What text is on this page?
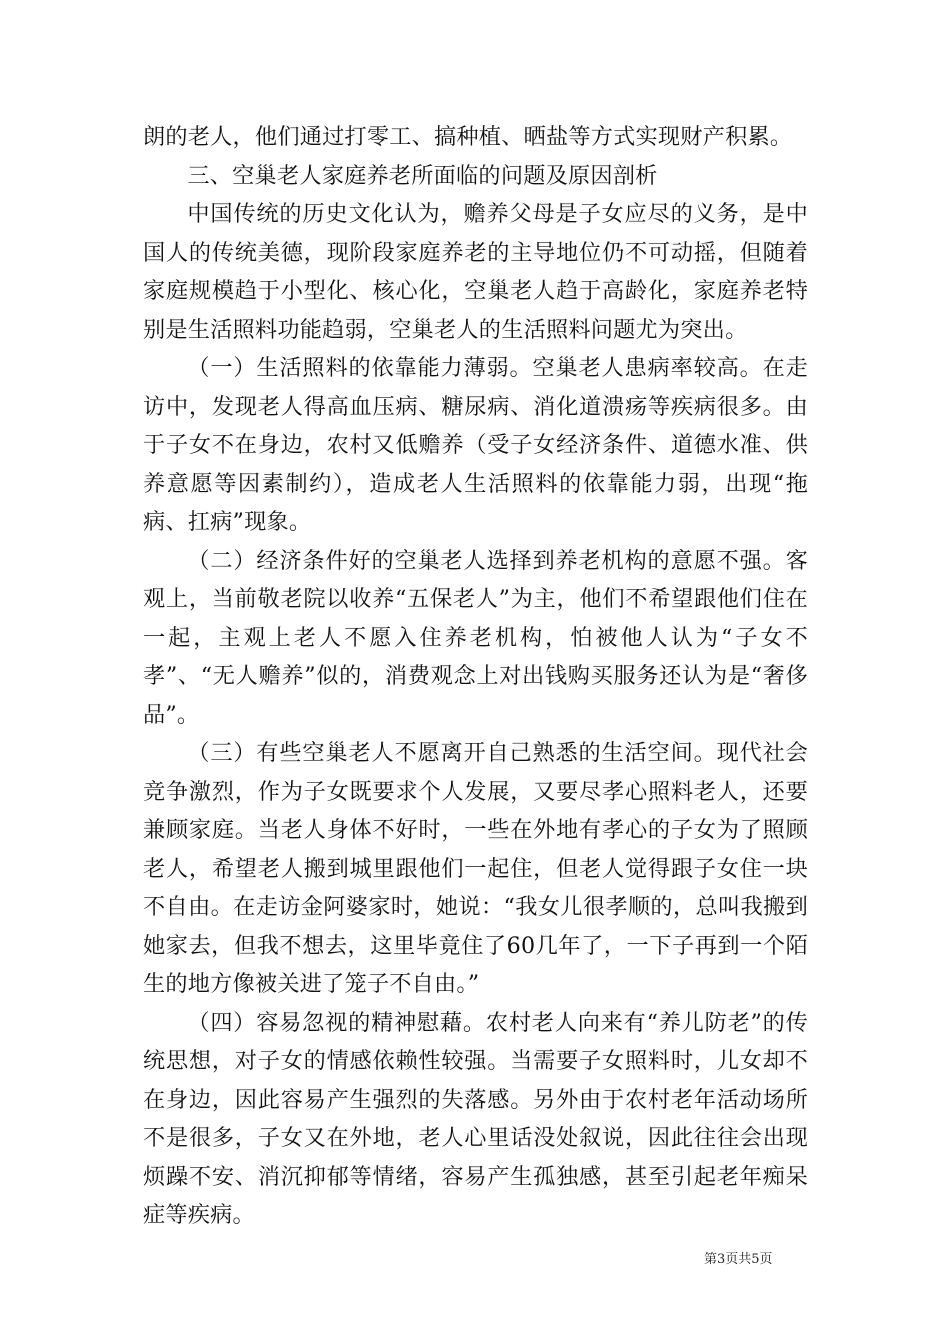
朗的老人，他们通过打零工、搞种植、晒盐等方式实现财产积累。

三、空巢老人家庭养老所面临的问题及原因剖析

中国传统的历史文化认为，赡养父母是子女应尽的义务，是中国人的传统美德，现阶段家庭养老的主导地位仍不可动摇，但随着家庭规模趋于小型化、核心化，空巢老人趋于高龄化，家庭养老特别是生活照料功能趋弱，空巢老人的生活照料问题尤为突出。

（一）生活照料的依靠能力薄弱。空巢老人患病率较高。在走访中，发现老人得高血压病、糖尿病、消化道溃疡等疾病很多。由于子女不在身边，农村又低赡养（受子女经济条件、道德水准、供养意愿等因素制约），造成老人生活照料的依靠能力弱，出现“拖病、扛病”现象。

（二）经济条件好的空巢老人选择到养老机构的意愿不强。客观上，当前敬老院以收养“五保老人”为主，他们不希望跟他们住在一起，主观上老人不愿入住养老机构，怕被他人认为“子女不孝”、“无人赡养”似的，消费观念上对出钱购买服务还认为是“奢侈品”。

（三）有些空巢老人不愿离开自己熟悉的生活空间。现代社会竞争激烈，作为子女既要求个人发展，又要尽孝心照料老人，还要兼顾家庭。当老人身体不好时，一些在外地有孝心的子女为了照顾老人，希望老人搬到城里跟他们一起住，但老人觉得跟子女住一块不自由。在走访金阿婆家时，她说：“我女儿很孝顺的，总叫我搬到她家去，但我不想去，这里毕竟住了60几年了，一下子再到一个陌生的地方像被关进了笼子不自由。”

（四）容易忽视的精神慰藉。农村老人向来有“养儿防老”的传统思想，对子女的情感依赖性较强。当需要子女照料时，儿女却不在身边，因此容易产生强烈的失落感。另外由于农村老年活动场所不是很多，子女又在外地，老人心里话没处叙说，因此往往会出现烦躁不安、消沉抑郁等情绪，容易产生孤独感，甚至引起老年痴呆症等疾病。

第3页共5页
